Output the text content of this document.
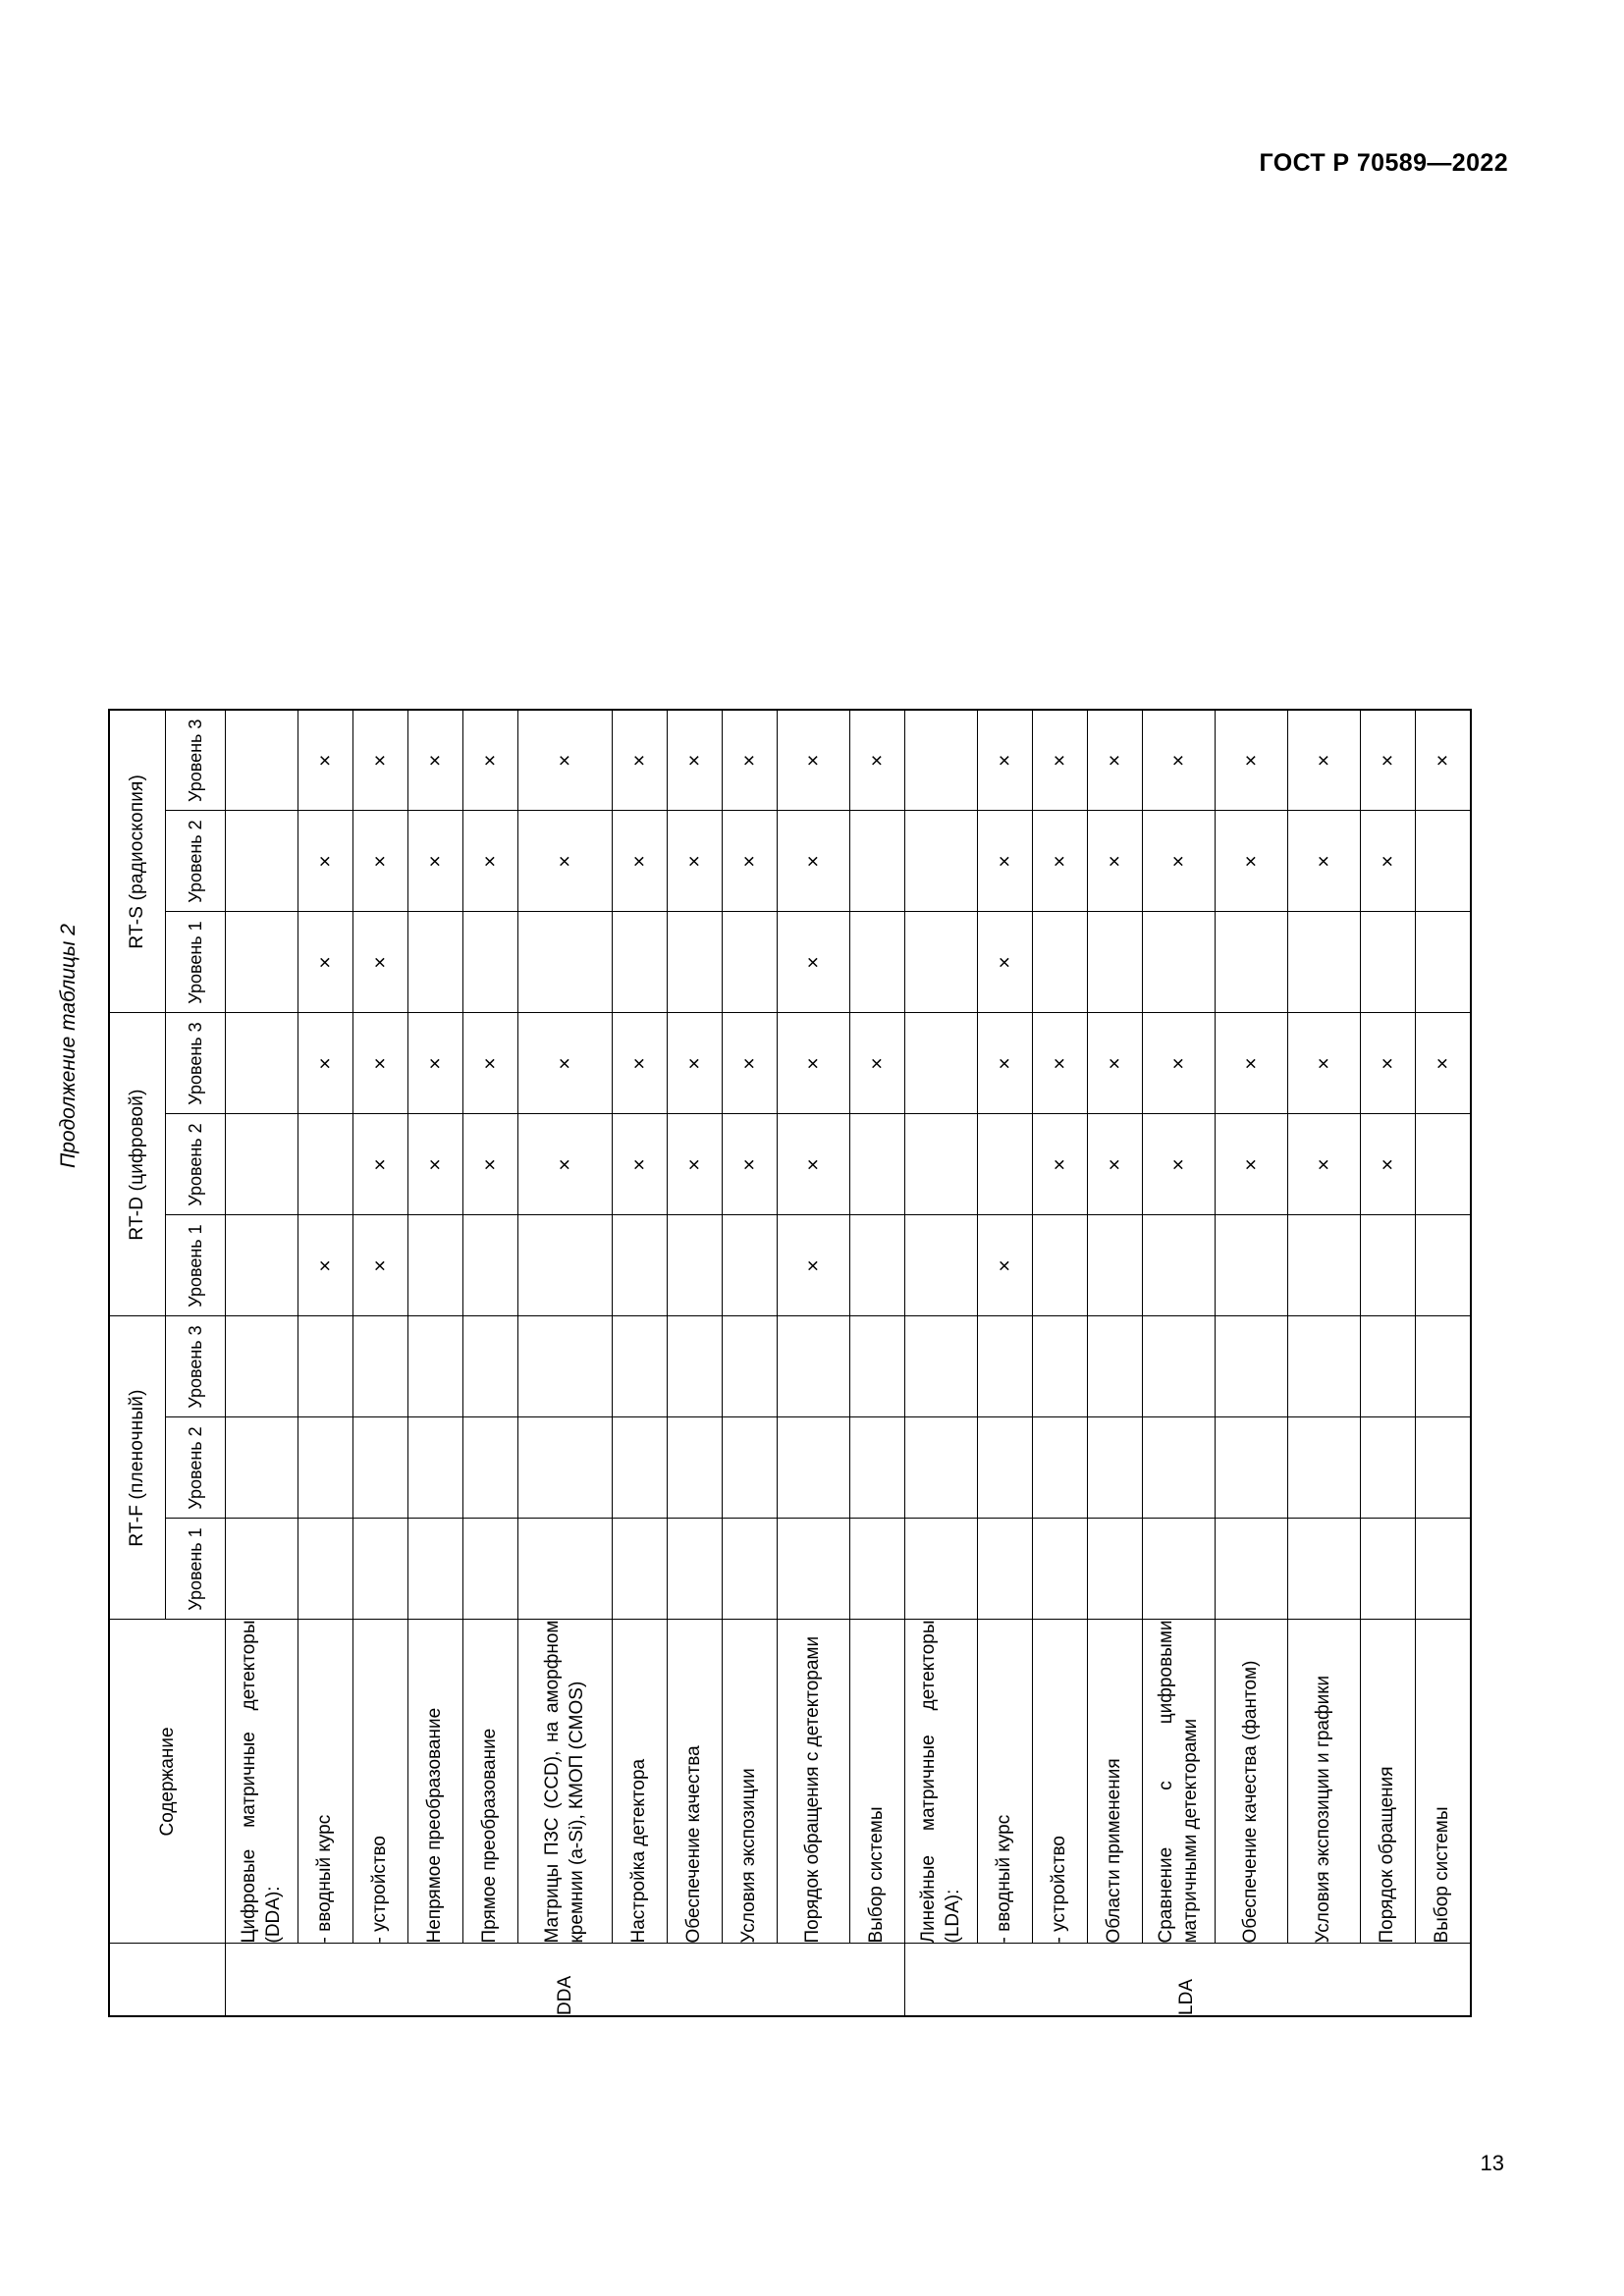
ГОСТ Р 70589—2022
Продолжение таблицы 2
	Содержание	RT-F (пленочный)			RT-D (цифровой)			RT-S (радиоскопия)		
		Уровень 1	Уровень 2	Уровень 3	Уровень 1	Уровень 2	Уровень 3	Уровень 1	Уровень 2	Уровень 3
DDA	Цифровые матричные детекторы (DDA):									
	- вводный курс				×		×	×	×	×
	- устройство				×	×	×	×	×	×
	Непрямое преобразование					×	×		×	×
	Прямое преобразование					×	×		×	×
	Матрицы ПЗС (CCD), на аморфном кремнии (a-Si), КМОП (CMOS)					×	×		×	×
	Настройка детектора					×	×		×	×
	Обеспечение качества					×	×		×	×
	Условия экспозиции					×	×		×	×
	Порядок обращения с детекторами				×	×	×	×	×	×
	Выбор системы						×			×
LDA	Линейные матричные детекторы (LDA):									
	- вводный курс				×		×	×	×	×
	- устройство					×	×		×	×
	Области применения					×	×		×	×
	Сравнение с цифровыми матричными детекторами					×	×		×	×
	Обеспечение качества (фантом)					×	×		×	×
	Условия экспозиции и графики					×	×		×	×
	Порядок обращения					×	×		×	×
	Выбор системы						×			×
13
